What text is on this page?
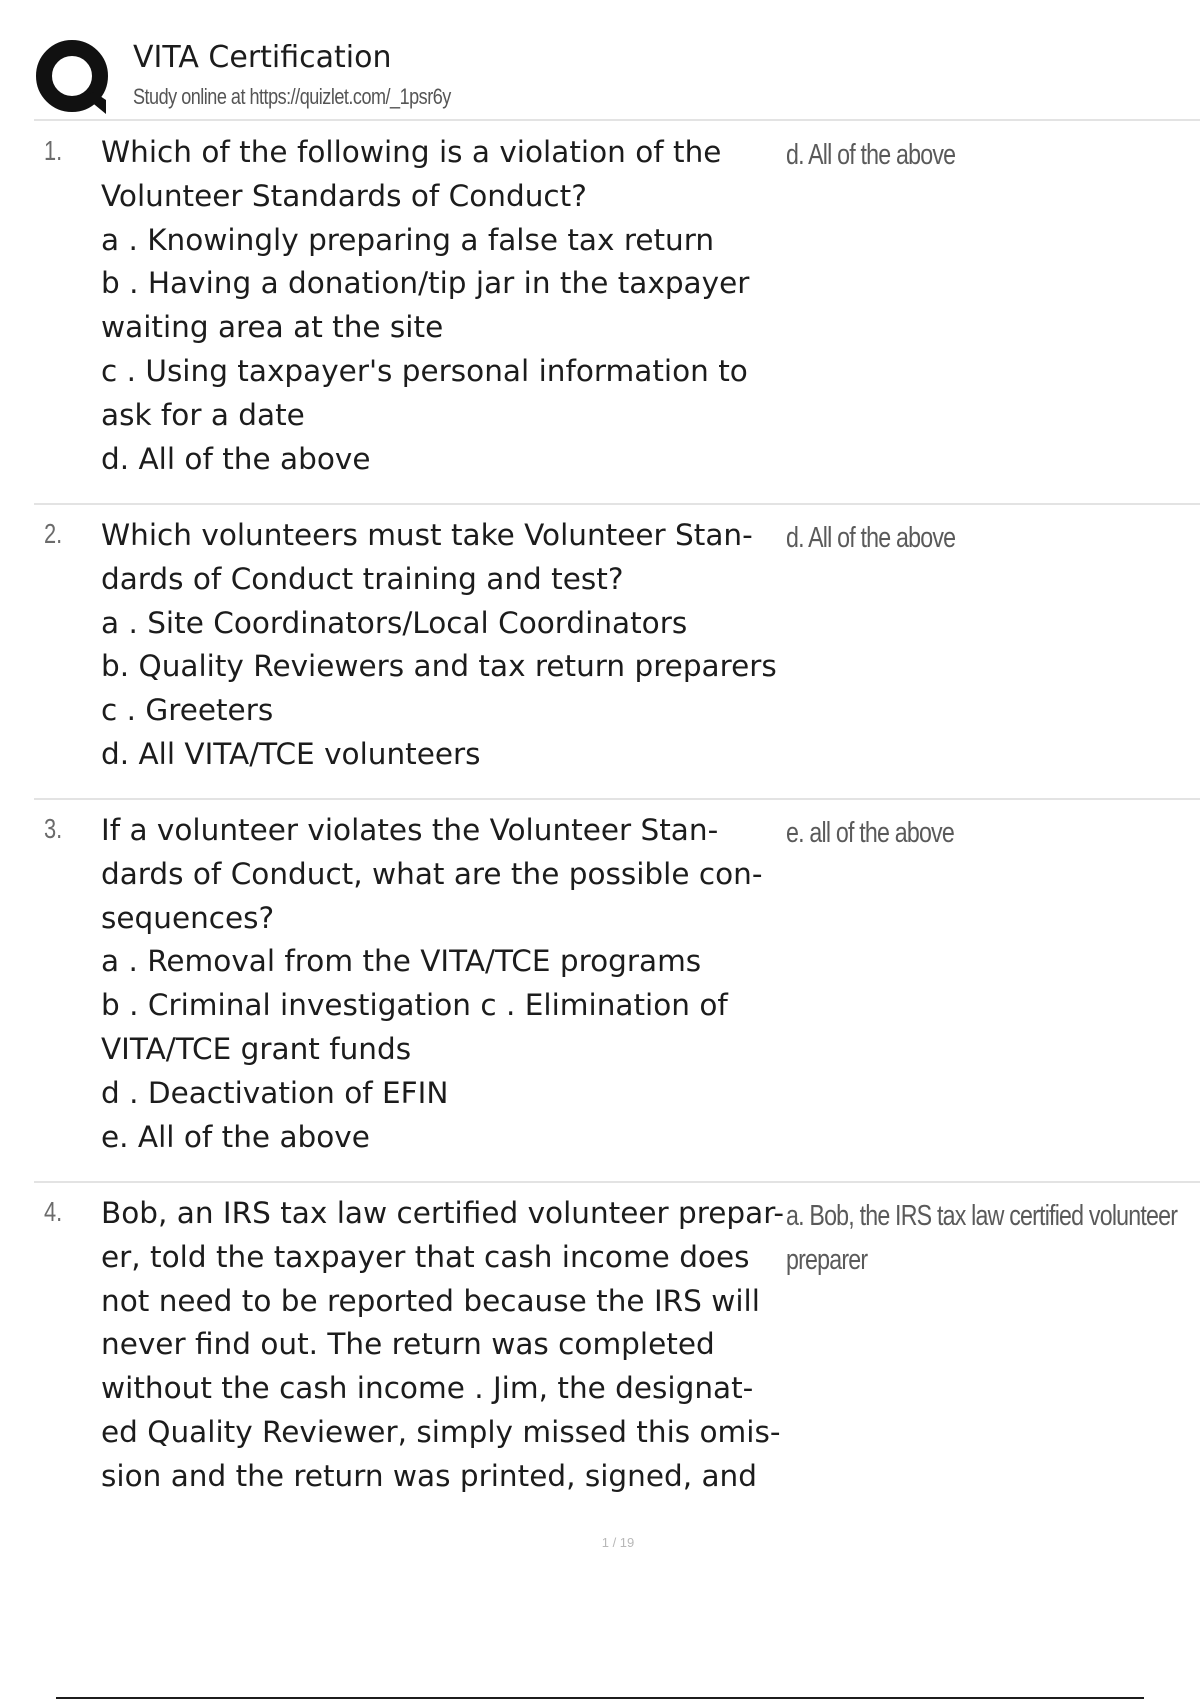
VITA Certification
Study online at https://quizlet.com/_1psr6y
1. Which of the following is a violation of the
Volunteer Standards of Conduct?
a . Knowingly preparing a false tax return
b . Having a donation/tip jar in the taxpayer
waiting area at the site
c . Using taxpayer's personal information to
ask for a date
d. All of the above
d. All of the above
2. Which volunteers must take Volunteer Stan-
dards of Conduct training and test?
a . Site Coordinators/Local Coordinators
b. Quality Reviewers and tax return preparers
c . Greeters
d. All VITA/TCE volunteers
d. All of the above
3. If a volunteer violates the Volunteer Stan-
dards of Conduct, what are the possible con-
sequences?
a . Removal from the VITA/TCE programs
b . Criminal investigation c . Elimination of
VITA/TCE grant funds
d . Deactivation of EFIN
e. All of the above
e. all of the above
4. Bob, an IRS tax law certified volunteer prepar-
er, told the taxpayer that cash income does
not need to be reported because the IRS will
never find out. The return was completed
without the cash income . Jim, the designat-
ed Quality Reviewer, simply missed this omis-
sion and the return was printed, signed, and
a. Bob, the IRS tax law certified volunteer
preparer
1 / 19
